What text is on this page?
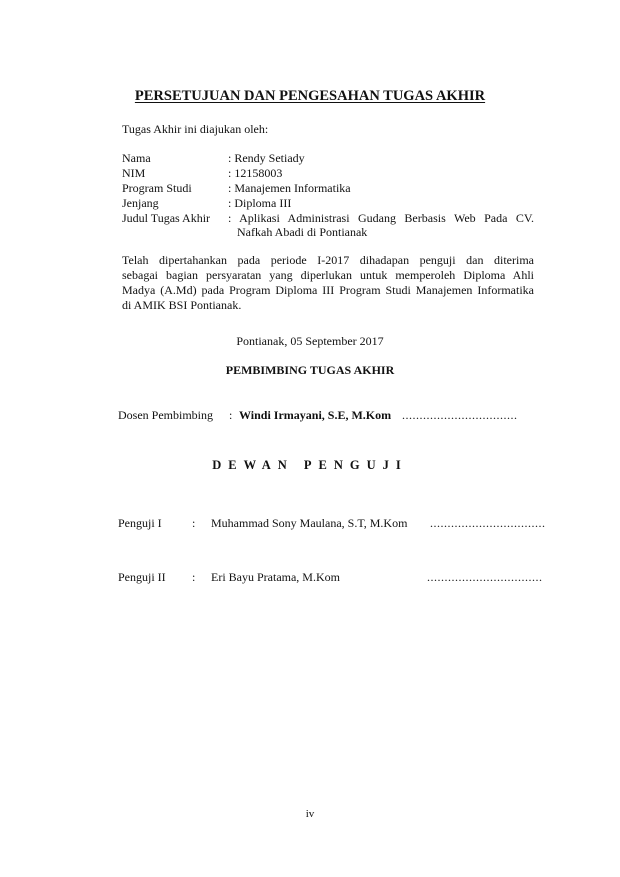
PERSETUJUAN DAN PENGESAHAN TUGAS AKHIR
Tugas Akhir ini diajukan oleh:
Nama	: Rendy Setiady
NIM	: 12158003
Program Studi	: Manajemen Informatika
Jenjang	: Diploma III
Judul Tugas Akhir : Aplikasi Administrasi Gudang Berbasis Web Pada CV.
Nafkah Abadi di Pontianak
Telah dipertahankan pada periode I-2017 dihadapan penguji dan diterima
sebagai bagian persyaratan yang diperlukan untuk memperoleh Diploma Ahli
Madya (A.Md) pada Program Diploma III Program Studi Manajemen Informatika
di AMIK BSI Pontianak.
Pontianak, 05 September 2017
PEMBIMBING TUGAS AKHIR
Dosen Pembimbing : Windi Irmayani, S.E, M.Kom .................................
DEWAN PENGUJI
Penguji I	: Muhammad Sony Maulana, S.T, M.Kom .................................
Penguji II : Eri Bayu Pratama, M.Kom	.................................
iv
